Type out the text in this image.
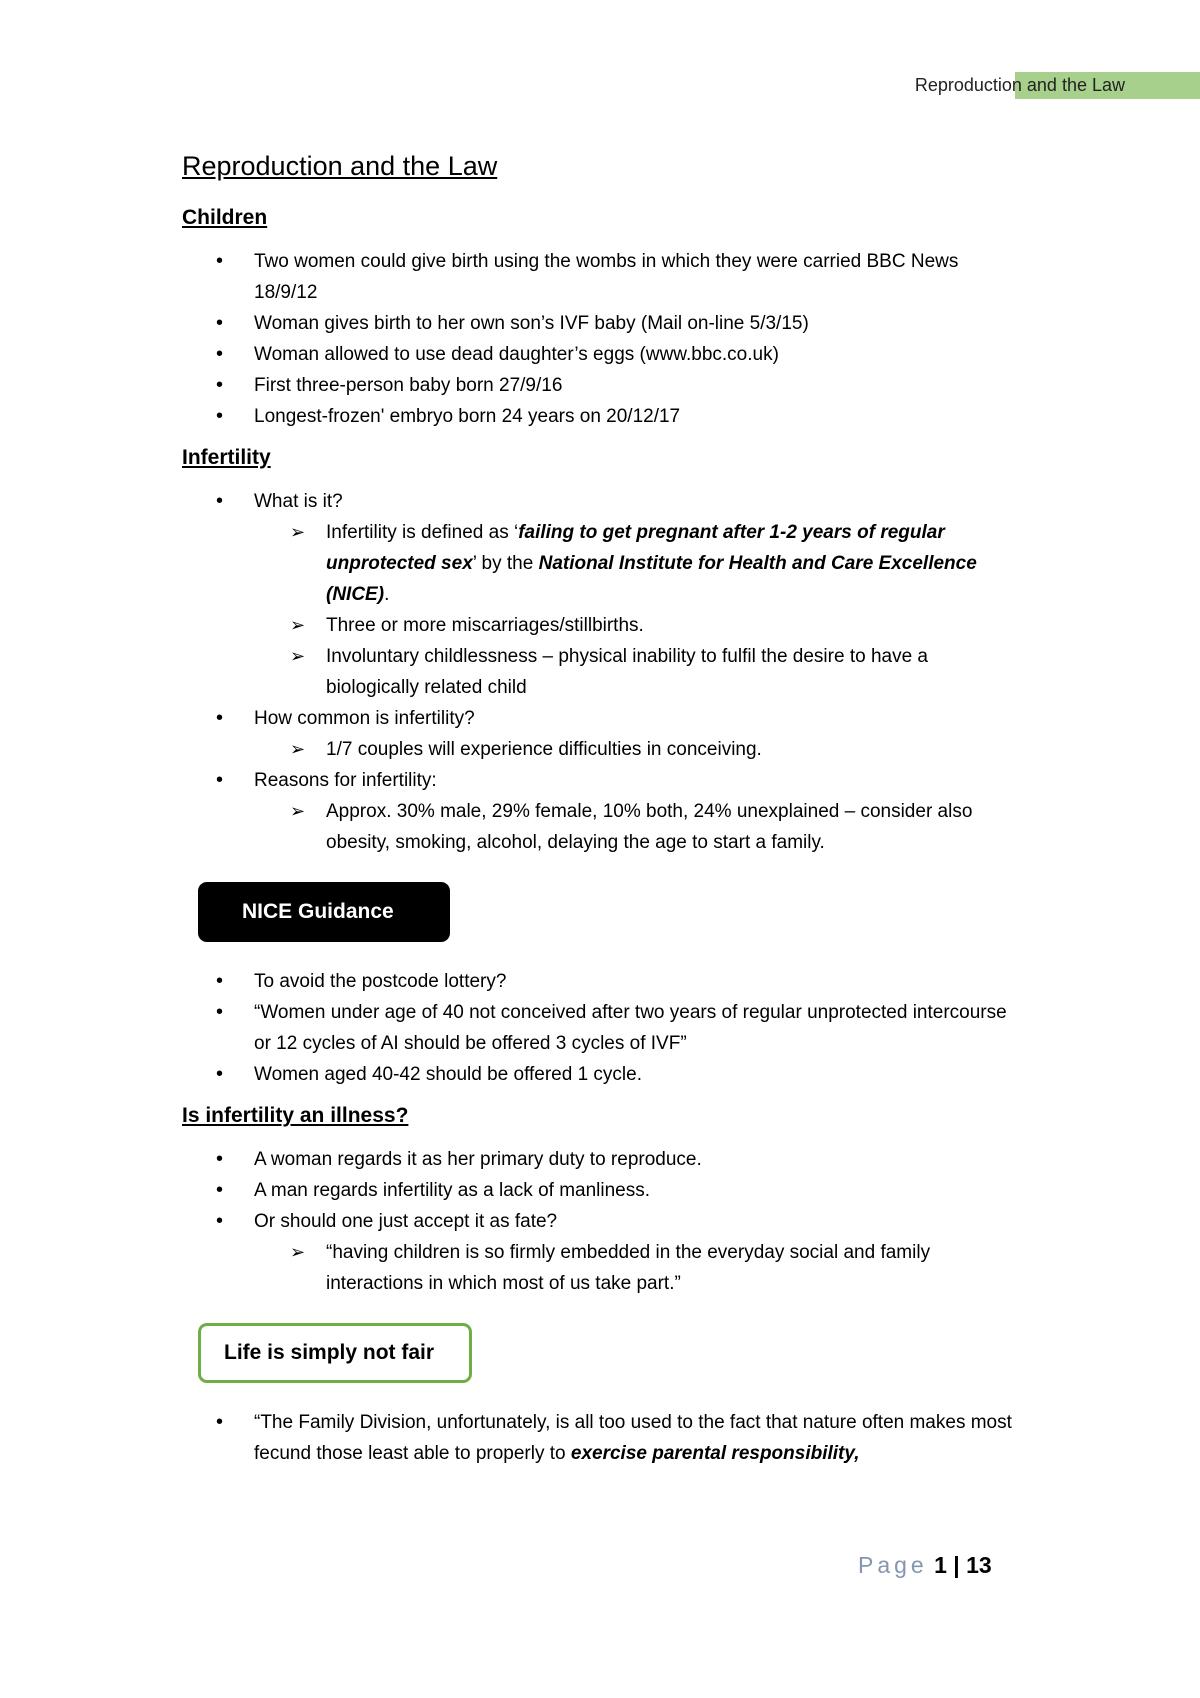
Reproduction and the Law
Reproduction and the Law
Children
• Two women could give birth using the wombs in which they were carried BBC News 18/9/12
• Woman gives birth to her own son’s IVF baby (Mail on-line 5/3/15)
• Woman allowed to use dead daughter’s eggs (www.bbc.co.uk)
• First three-person baby born 27/9/16
• Longest-frozen' embryo born 24 years on 20/12/17
Infertility
• What is it?
➢ Infertility is defined as ‘failing to get pregnant after 1-2 years of regular unprotected sex’ by the National Institute for Health and Care Excellence (NICE).
➢ Three or more miscarriages/stillbirths.
➢ Involuntary childlessness – physical inability to fulfil the desire to have a biologically related child
• How common is infertility?
➢ 1/7 couples will experience difficulties in conceiving.
• Reasons for infertility:
➢ Approx. 30% male, 29% female, 10% both, 24% unexplained – consider also obesity, smoking, alcohol, delaying the age to start a family.
NICE Guidance
• To avoid the postcode lottery?
• “Women under age of 40 not conceived after two years of regular unprotected intercourse or 12 cycles of AI should be offered 3 cycles of IVF”
• Women aged 40-42 should be offered 1 cycle.
Is infertility an illness?
• A woman regards it as her primary duty to reproduce.
• A man regards infertility as a lack of manliness.
• Or should one just accept it as fate?
➢ “having children is so firmly embedded in the everyday social and family interactions in which most of us take part.”
Life is simply not fair
• “The Family Division, unfortunately, is all too used to the fact that nature often makes most fecund those least able to properly to exercise parental responsibility,
Page 1 | 13
